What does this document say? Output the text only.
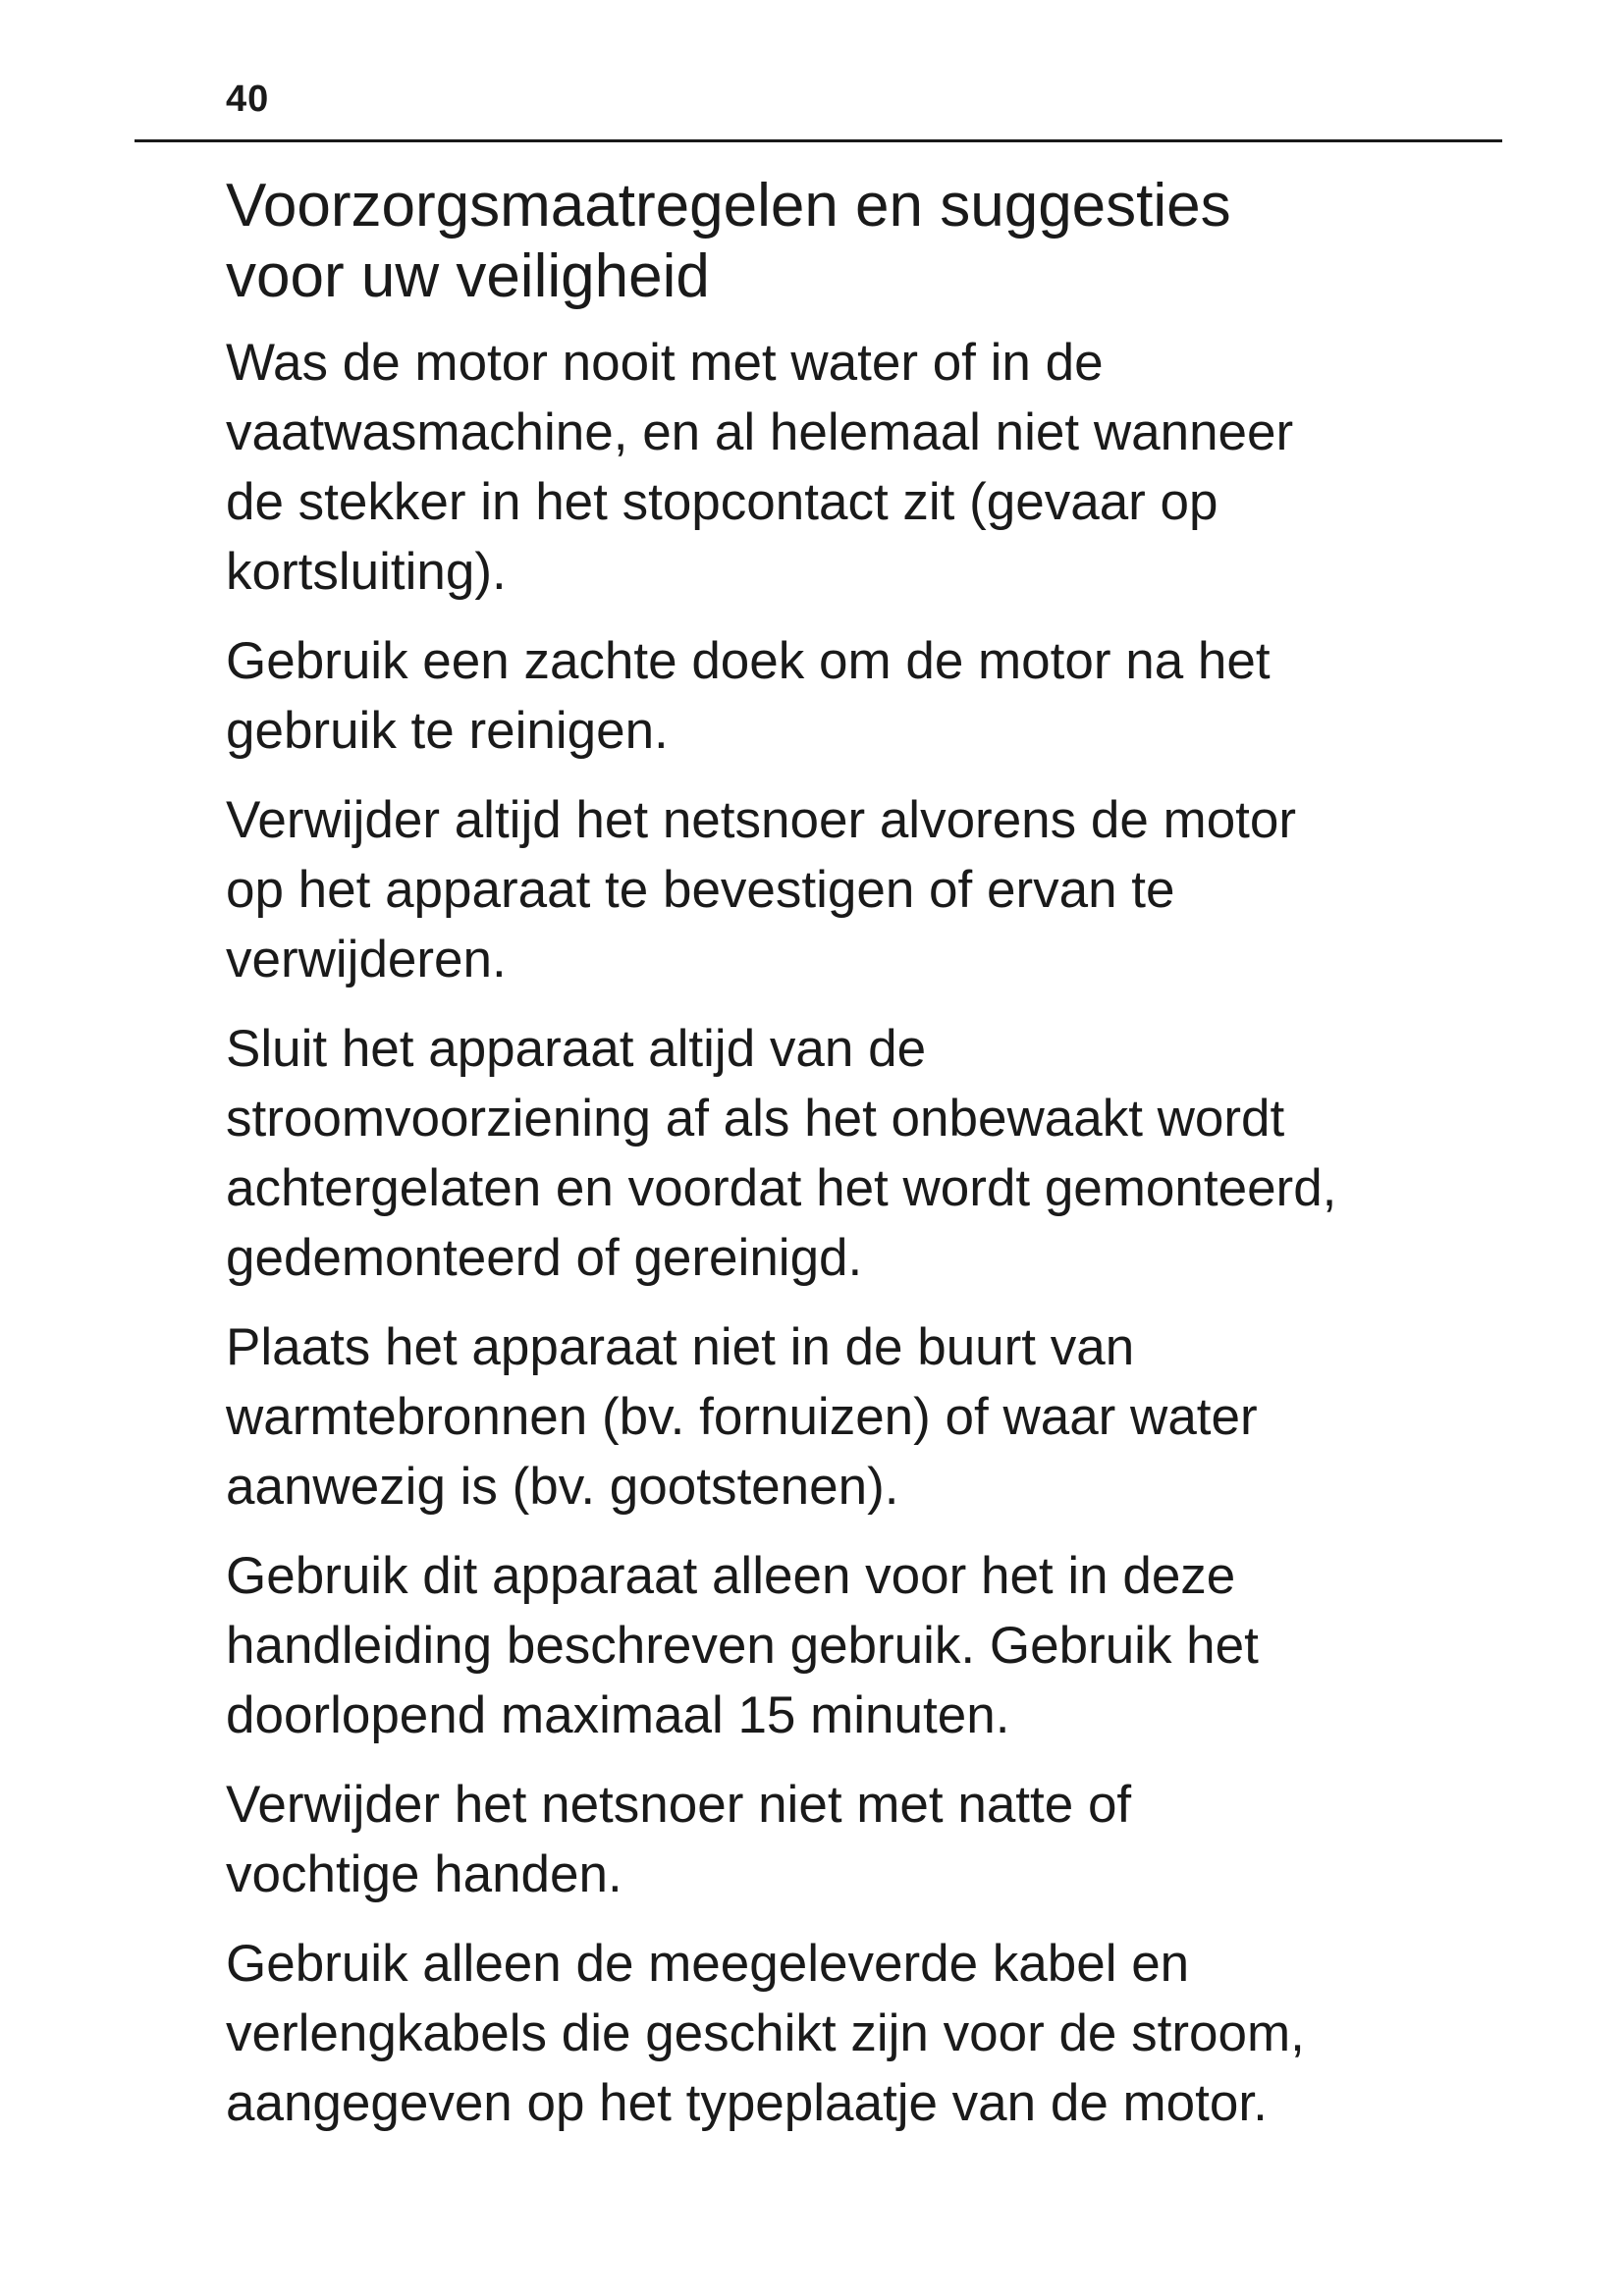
40
Voorzorgsmaatregelen en suggesties
voor uw veiligheid

Was de motor nooit met water of in de
vaatwasmachine, en al helemaal niet wanneer
de stekker in het stopcontact zit (gevaar op
kortsluiting).

Gebruik een zachte doek om de motor na het
gebruik te reinigen.

Verwijder altijd het netsnoer alvorens de motor
op het apparaat te bevestigen of ervan te
verwijderen.

Sluit het apparaat altijd van de
stroomvoorziening af als het onbewaakt wordt
achtergelaten en voordat het wordt gemonteerd,
gedemonteerd of gereinigd.

Plaats het apparaat niet in de buurt van
warmtebronnen (bv. fornuizen) of waar water
aanwezig is (bv. gootstenen).

Gebruik dit apparaat alleen voor het in deze
handleiding beschreven gebruik. Gebruik het
doorlopend maximaal 15 minuten.

Verwijder het netsnoer niet met natte of
vochtige handen.

Gebruik alleen de meegeleverde kabel en
verlengkabels die geschikt zijn voor de stroom,
aangegeven op het typeplaatje van de motor.
